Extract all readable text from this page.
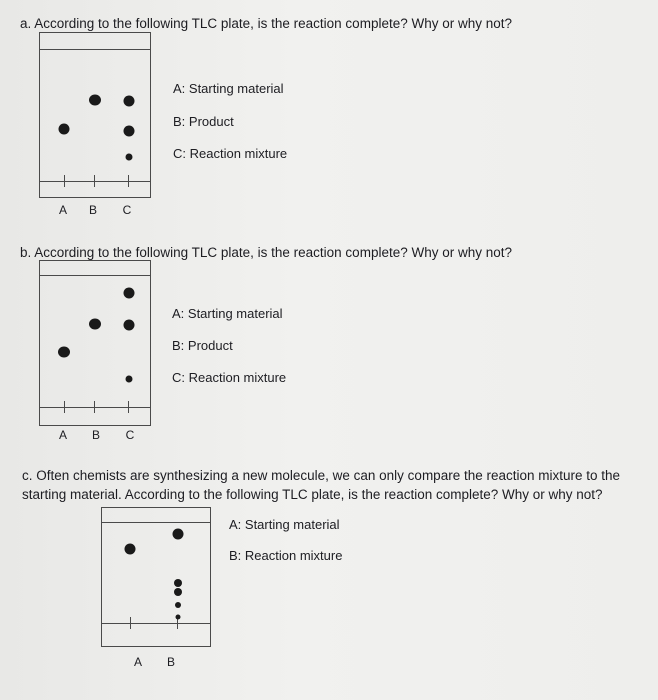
a. According to the following TLC plate, is the reaction complete? Why or why not?

A B C
A: Starting material
B: Product
C: Reaction mixture

b. According to the following TLC plate, is the reaction complete? Why or why not?

A B C
A: Starting material
B: Product
C: Reaction mixture

c. Often chemists are synthesizing a new molecule, we can only compare the reaction mixture to the

starting material. According to the following TLC plate, is the reaction complete? Why or why not?

A B
A: Starting material
B: Reaction mixture
